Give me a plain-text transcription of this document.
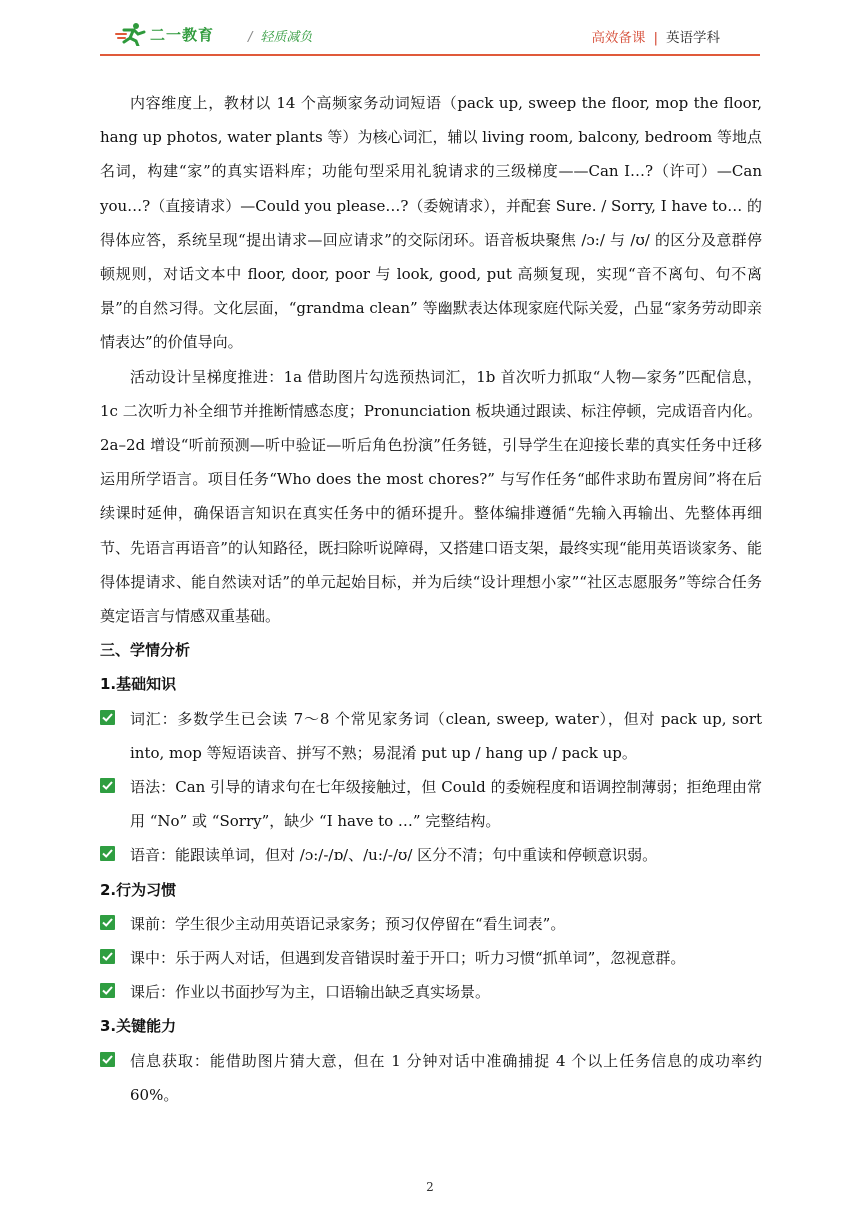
二一教育	/ 轻质减负	高效备课 | 英语学科

内容维度上，教材以 14 个高频家务动词短语（pack up, sweep the floor, mop the floor, hang up photos, water plants 等）为核心词汇，辅以 living room, balcony, bedroom 等地点名词，构建“家”的真实语料库；功能句型采用礼貌请求的三级梯度——Can I…?（许可）—Can you…?（直接请求）—Could you please…?（委婉请求），并配套 Sure. / Sorry, I have to… 的得体应答，系统呈现“提出请求—回应请求”的交际闭环。语音板块聚焦 /ɔ:/ 与 /ʊ/ 的区分及意群停顿规则，对话文本中 floor, door, poor 与 look, good, put 高频复现，实现“音不离句、句不离景”的自然习得。文化层面，“grandma clean” 等幽默表达体现家庭代际关爱，凸显“家务劳动即亲情表达”的价值导向。

活动设计呈梯度推进：1a 借助图片勾选预热词汇，1b 首次听力抓取“人物—家务”匹配信息，1c 二次听力补全细节并推断情感态度；Pronunciation 板块通过跟读、标注停顿，完成语音内化。2a–2d 增设“听前预测—听中验证—听后角色扮演”任务链，引导学生在迎接长辈的真实任务中迁移运用所学语言。项目任务“Who does the most chores?” 与写作任务“邮件求助布置房间”将在后续课时延伸，确保语言知识在真实任务中的循环提升。整体编排遵循“先输入再输出、先整体再细节、先语言再语音”的认知路径，既扫除听说障碍，又搭建口语支架，最终实现“能用英语谈家务、能得体提请求、能自然读对话”的单元起始目标，并为后续“设计理想小家”“社区志愿服务”等综合任务奠定语言与情感双重基础。

三、学情分析

1.基础知识

词汇：多数学生已会读 7～8 个常见家务词（clean, sweep, water），但对 pack up, sort into, mop 等短语读音、拼写不熟；易混淆 put up / hang up / pack up。

语法：Can 引导的请求句在七年级接触过，但 Could 的委婉程度和语调控制薄弱；拒绝理由常用 “No” 或 “Sorry”，缺少 “I have to …” 完整结构。

语音：能跟读单词，但对 /ɔ:/-/ɒ/、/u:/-/ʊ/ 区分不清；句中重读和停顿意识弱。

2.行为习惯

课前：学生很少主动用英语记录家务；预习仅停留在“看生词表”。

课中：乐于两人对话，但遇到发音错误时羞于开口；听力习惯“抓单词”，忽视意群。

课后：作业以书面抄写为主，口语输出缺乏真实场景。

3.关键能力

信息获取：能借助图片猜大意，但在 1 分钟对话中准确捕捉 4 个以上任务信息的成功率约 60%。

2
